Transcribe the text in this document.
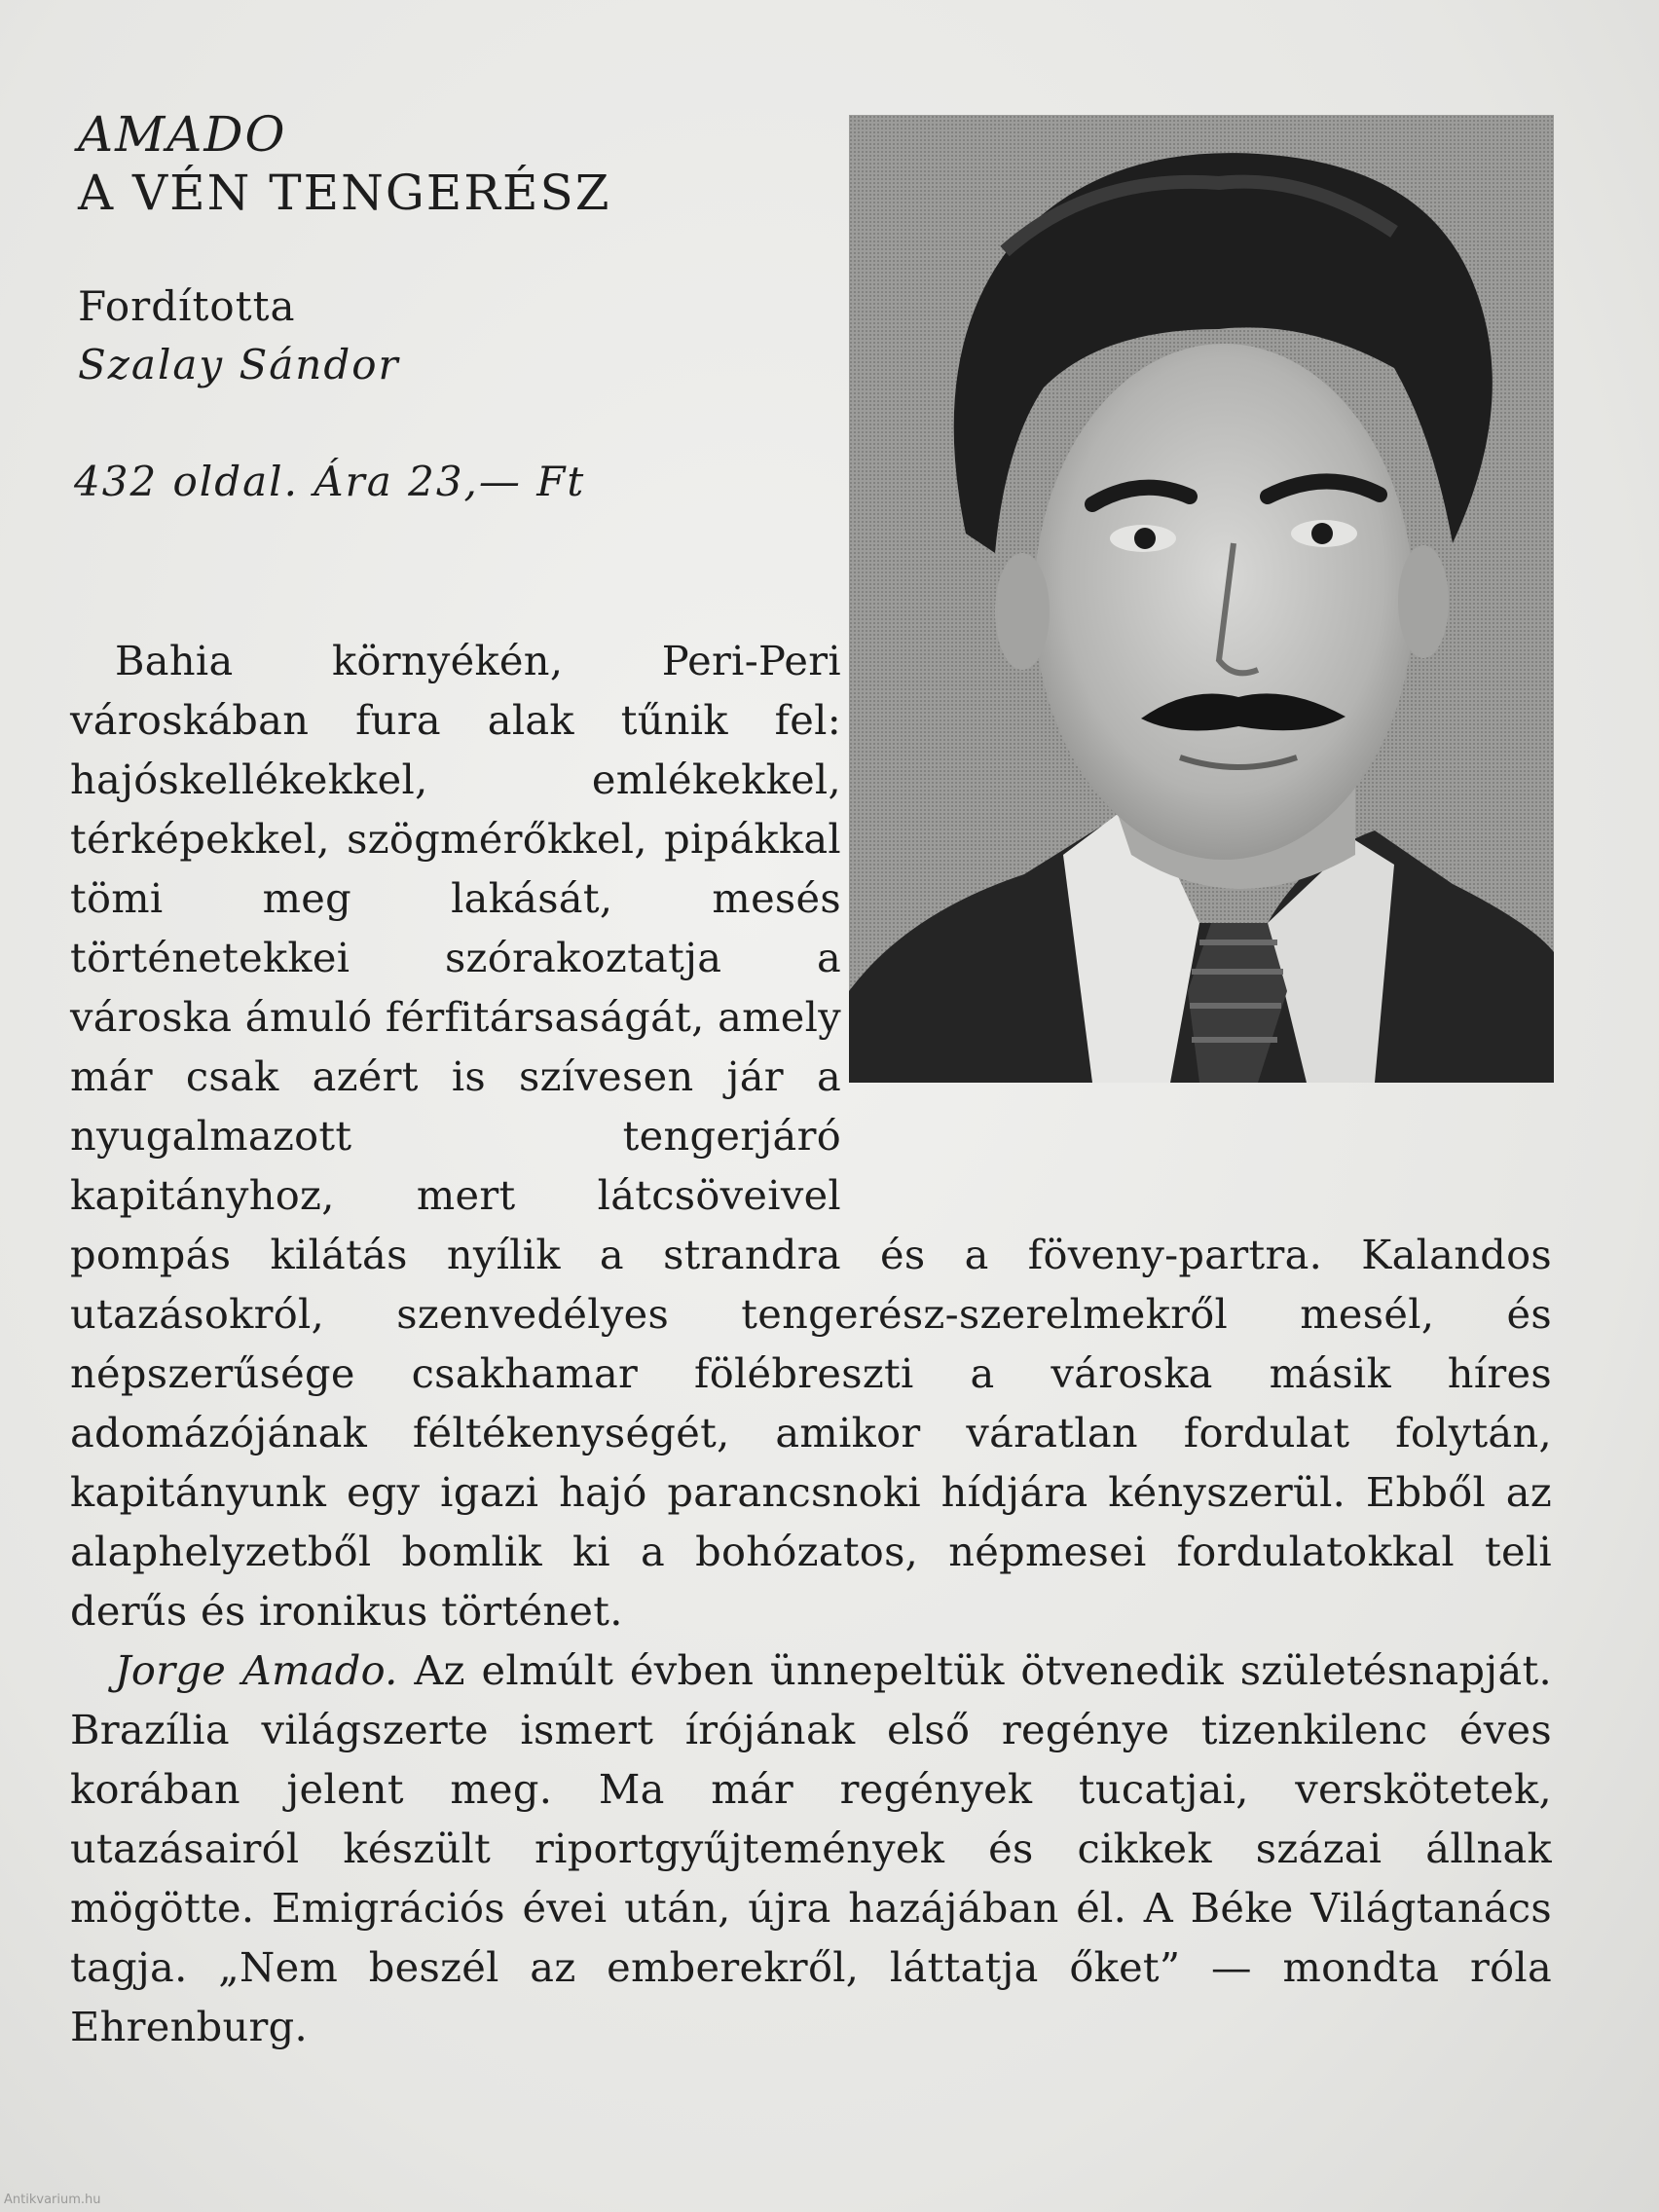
AMADO
A VÉN TENGERÉSZ
Fordította
Szalay Sándor
432 oldal. Ára 23,— Ft

Bahia környékén, Peri-Peri városkában fura alak tűnik fel: hajóskellékekkel, emlékekkel, térképekkel, szögmérőkkel, pipákkal tömi meg lakását, mesés történetekkei szórakoztatja a városka ámuló férfitársaságát, amely már csak azért is szívesen jár a nyugalmazott tengerjáró kapitányhoz, mert látcsöveivel pompás kilátás nyílik a strandra és a föveny-partra. Kalandos utazásokról, szenvedélyes tengerész-szerelmekről mesél, és népszerűsége csakhamar fölébreszti a városka másik híres adomázójának féltékenységét, amikor váratlan fordulat folytán, kapitányunk egy igazi hajó parancsnoki hídjára kényszerül. Ebből az alaphelyzetből bomlik ki a bohózatos, népmesei fordulatokkal teli derűs és ironikus történet.

Jorge Amado. Az elmúlt évben ünnepeltük ötvenedik születésnapját. Brazília világszerte ismert írójának első regénye tizenkilenc éves korában jelent meg. Ma már regények tucatjai, verskötetek, utazásairól készült riportgyűjtemények és cikkek százai állnak mögötte. Emigrációs évei után, újra hazájában él. A Béke Világtanács tagja. „Nem beszél az emberekről, láttatja őket” — mondta róla Ehrenburg.

Antikvarium.hu
